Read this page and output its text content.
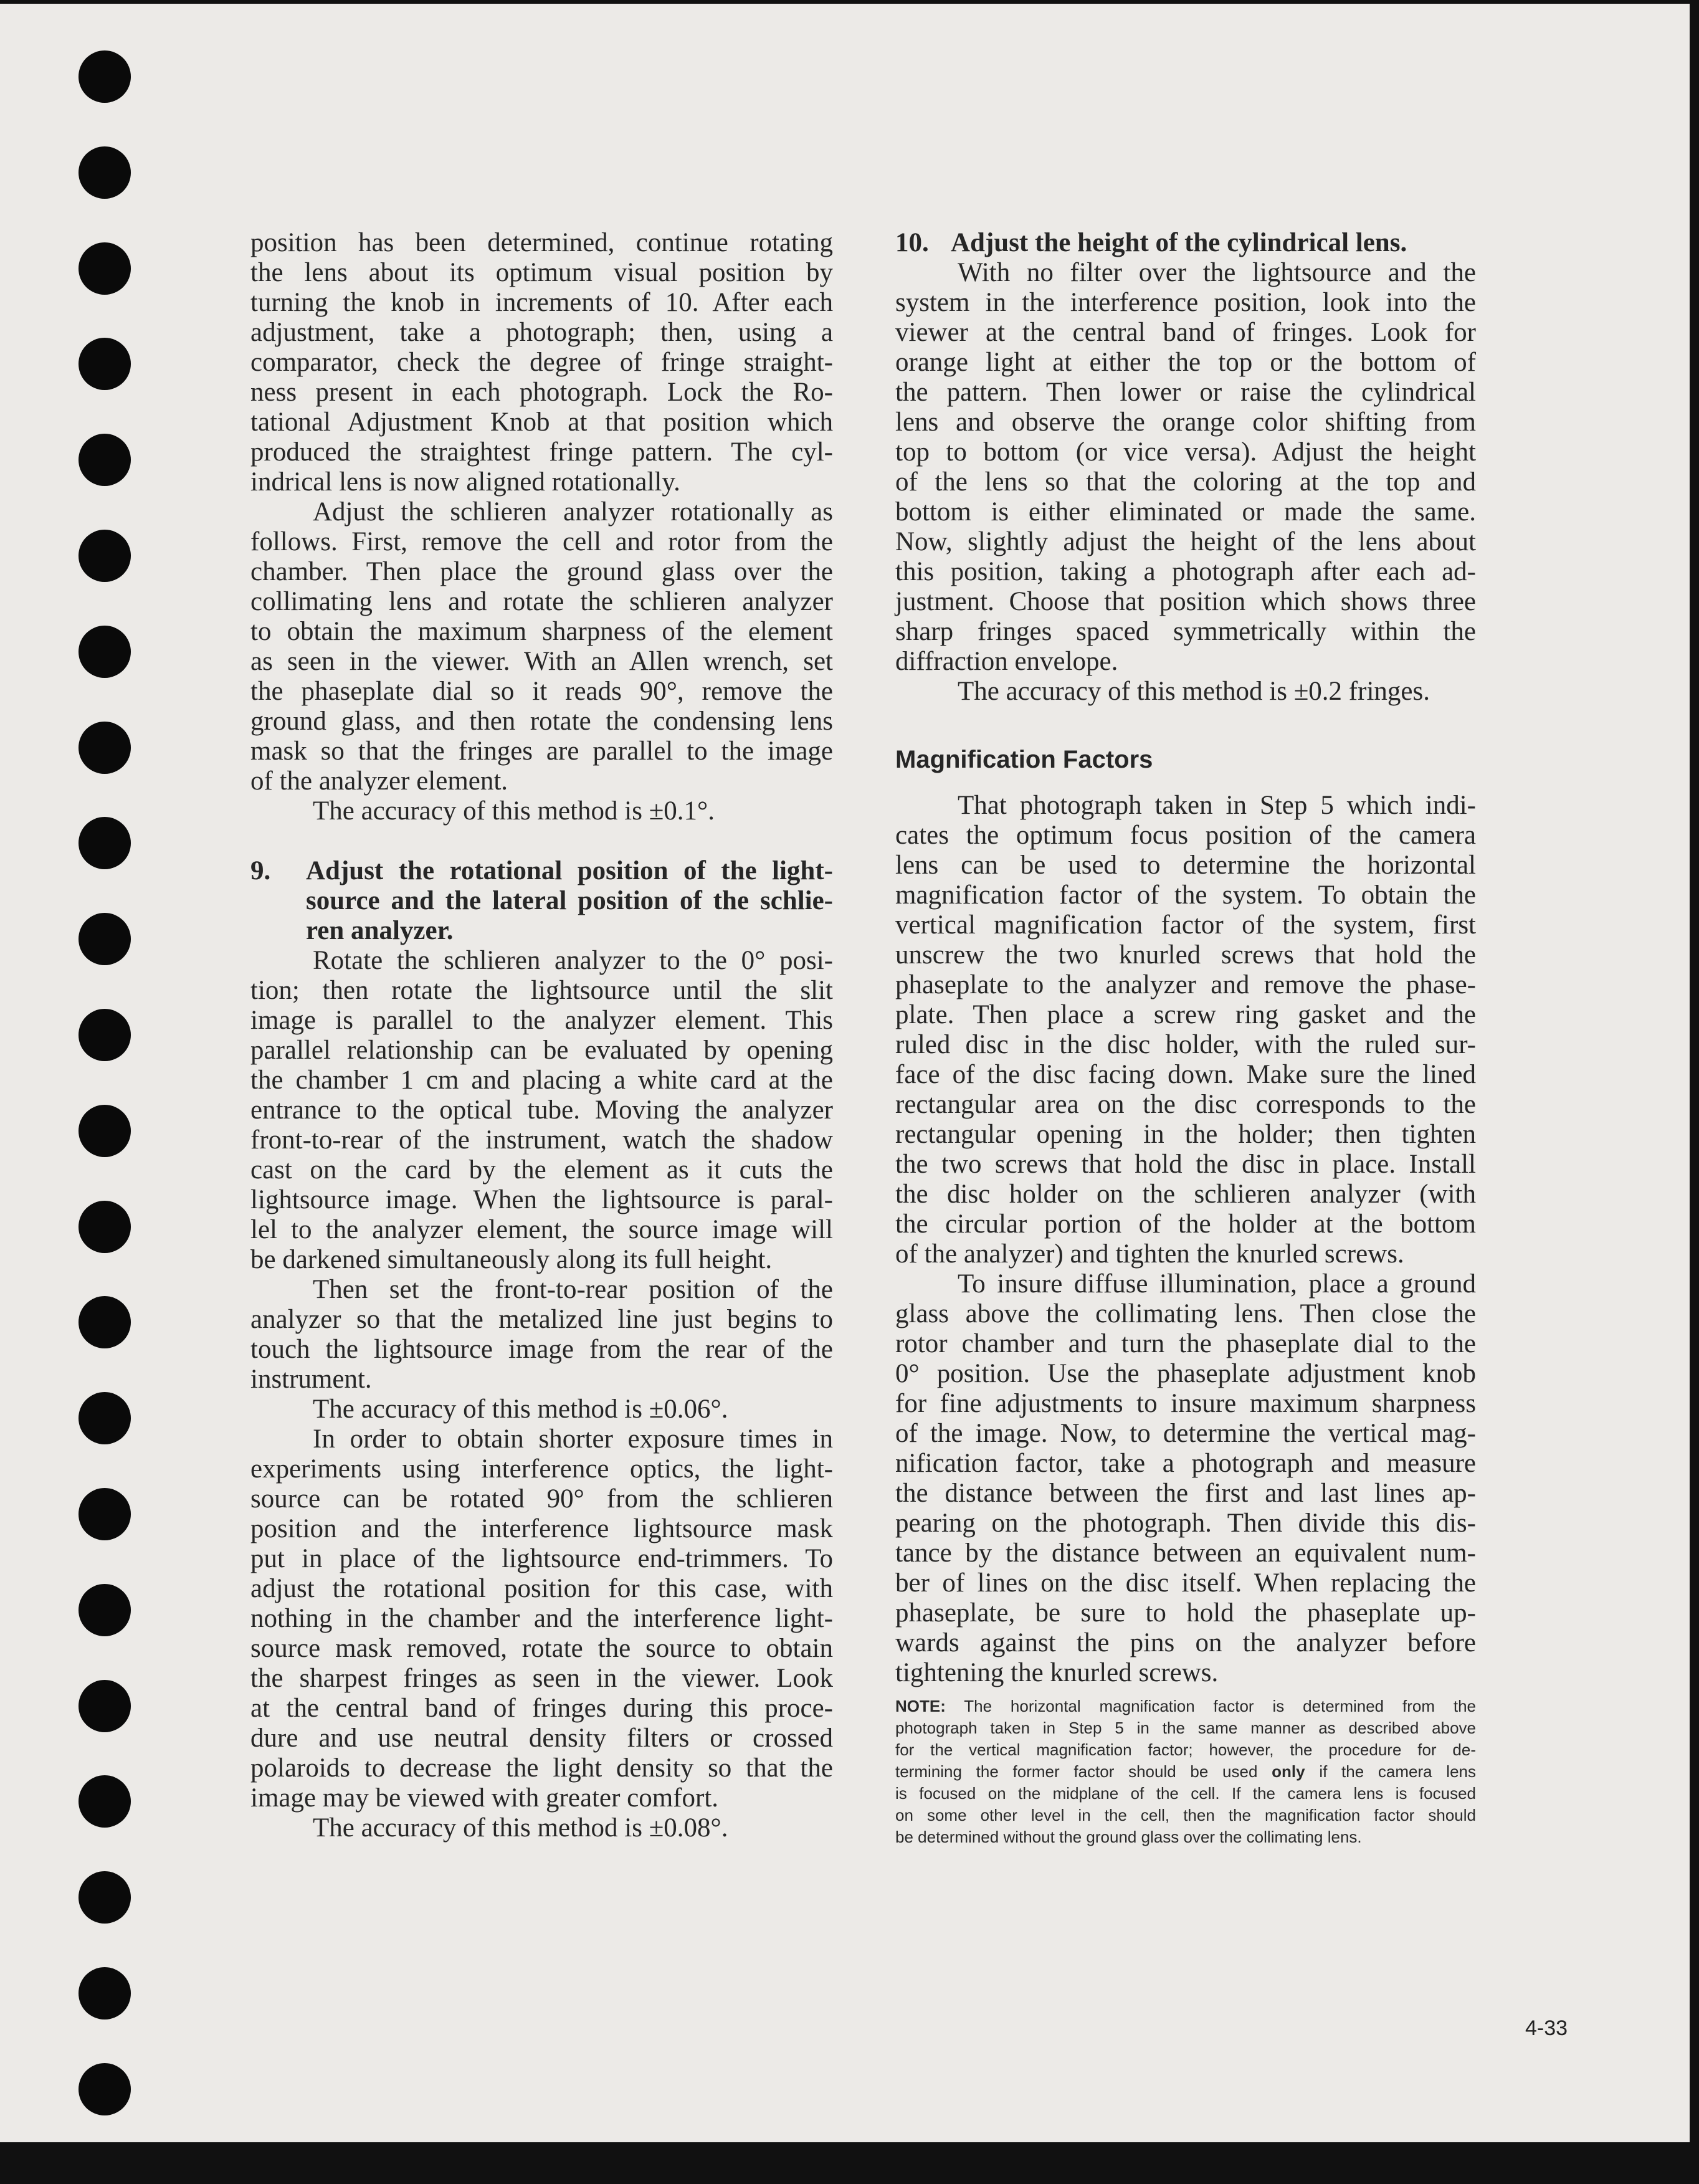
position has been determined, continue rotating
the lens about its optimum visual position by
turning the knob in increments of 10. After each
adjustment, take a photograph; then, using a
comparator, check the degree of fringe straight-
ness present in each photograph. Lock the Ro-
tational Adjustment Knob at that position which
produced the straightest fringe pattern. The cyl-
indrical lens is now aligned rotationally.
Adjust the schlieren analyzer rotationally as
follows. First, remove the cell and rotor from the
chamber. Then place the ground glass over the
collimating lens and rotate the schlieren analyzer
to obtain the maximum sharpness of the element
as seen in the viewer. With an Allen wrench, set
the phaseplate dial so it reads 90°, remove the
ground glass, and then rotate the condensing lens
mask so that the fringes are parallel to the image
of the analyzer element.
The accuracy of this method is ±0.1°.
9. Adjust the rotational position of the light-
source and the lateral position of the schlie-
ren analyzer.
Rotate the schlieren analyzer to the 0° posi-
tion; then rotate the lightsource until the slit
image is parallel to the analyzer element. This
parallel relationship can be evaluated by opening
the chamber 1 cm and placing a white card at the
entrance to the optical tube. Moving the analyzer
front-to-rear of the instrument, watch the shadow
cast on the card by the element as it cuts the
lightsource image. When the lightsource is paral-
lel to the analyzer element, the source image will
be darkened simultaneously along its full height.
Then set the front-to-rear position of the
analyzer so that the metalized line just begins to
touch the lightsource image from the rear of the
instrument.
The accuracy of this method is ±0.06°.
In order to obtain shorter exposure times in
experiments using interference optics, the light-
source can be rotated 90° from the schlieren
position and the interference lightsource mask
put in place of the lightsource end-trimmers. To
adjust the rotational position for this case, with
nothing in the chamber and the interference light-
source mask removed, rotate the source to obtain
the sharpest fringes as seen in the viewer. Look
at the central band of fringes during this proce-
dure and use neutral density filters or crossed
polaroids to decrease the light density so that the
image may be viewed with greater comfort.
The accuracy of this method is ±0.08°.
10. Adjust the height of the cylindrical lens.
With no filter over the lightsource and the
system in the interference position, look into the
viewer at the central band of fringes. Look for
orange light at either the top or the bottom of
the pattern. Then lower or raise the cylindrical
lens and observe the orange color shifting from
top to bottom (or vice versa). Adjust the height
of the lens so that the coloring at the top and
bottom is either eliminated or made the same.
Now, slightly adjust the height of the lens about
this position, taking a photograph after each ad-
justment. Choose that position which shows three
sharp fringes spaced symmetrically within the
diffraction envelope.
The accuracy of this method is ±0.2 fringes.
Magnification Factors
That photograph taken in Step 5 which indi-
cates the optimum focus position of the camera
lens can be used to determine the horizontal
magnification factor of the system. To obtain the
vertical magnification factor of the system, first
unscrew the two knurled screws that hold the
phaseplate to the analyzer and remove the phase-
plate. Then place a screw ring gasket and the
ruled disc in the disc holder, with the ruled sur-
face of the disc facing down. Make sure the lined
rectangular area on the disc corresponds to the
rectangular opening in the holder; then tighten
the two screws that hold the disc in place. Install
the disc holder on the schlieren analyzer (with
the circular portion of the holder at the bottom
of the analyzer) and tighten the knurled screws.
To insure diffuse illumination, place a ground
glass above the collimating lens. Then close the
rotor chamber and turn the phaseplate dial to the
0° position. Use the phaseplate adjustment knob
for fine adjustments to insure maximum sharpness
of the image. Now, to determine the vertical mag-
nification factor, take a photograph and measure
the distance between the first and last lines ap-
pearing on the photograph. Then divide this dis-
tance by the distance between an equivalent num-
ber of lines on the disc itself. When replacing the
phaseplate, be sure to hold the phaseplate up-
wards against the pins on the analyzer before
tightening the knurled screws.
NOTE: The horizontal magnification factor is determined from the
photograph taken in Step 5 in the same manner as described above
for the vertical magnification factor; however, the procedure for de-
termining the former factor should be used only if the camera lens
is focused on the midplane of the cell. If the camera lens is focused
on some other level in the cell, then the magnification factor should
be determined without the ground glass over the collimating lens.
4-33
